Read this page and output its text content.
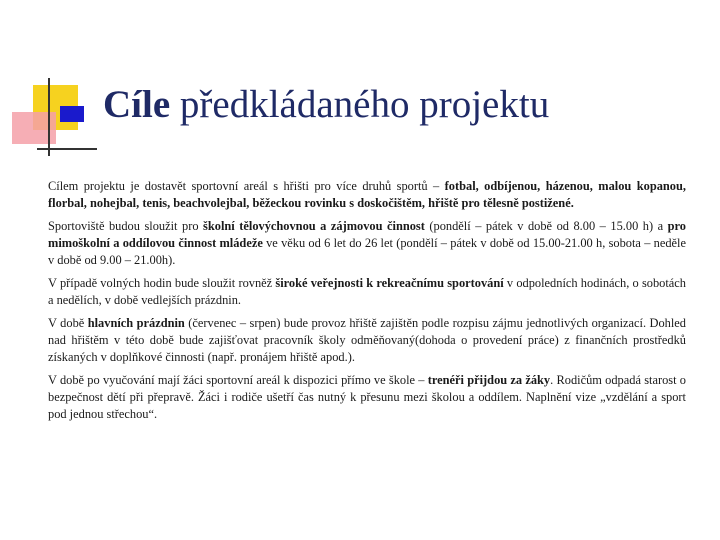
Cíle předkládaného projektu

Cílem projektu je dostavět sportovní areál s hřišti pro více druhů sportů – fotbal, odbíjenou, házenou, malou kopanou, florbal, nohejbal, tenis, beachvolejbal, běžeckou rovinku s doskočištěm, hřiště pro tělesně postižené.

Sportoviště budou sloužit pro školní tělovýchovnou a zájmovou činnost (pondělí – pátek v době od 8.00 – 15.00 h) a pro mimoškolní a oddílovou činnost mládeže ve věku od 6 let do 26 let (pondělí – pátek v době od 15.00-21.00 h, sobota – neděle v době od 9.00 – 21.00h).

V případě volných hodin bude sloužit rovněž široké veřejnosti k rekreačnímu sportování v odpoledních hodinách, o sobotách a nedělích, v době vedlejších prázdnin.

V době hlavních prázdnin (červenec – srpen) bude provoz hřiště zajištěn podle rozpisu zájmu jednotlivých organizací. Dohled nad hřištěm v této době bude zajišťovat pracovník školy odměňovaný(dohoda o provedení práce) z finančních prostředků získaných v doplňkové činnosti (např. pronájem hřiště apod.).

V době po vyučování mají žáci sportovní areál k dispozici přímo ve škole – trenéři přijdou za žáky. Rodičům odpadá starost o bezpečnost dětí při přepravě. Žáci i rodiče ušetří čas nutný k přesunu mezi školou a oddílem. Naplnění vize „vzdělání a sport pod jednou střechou“.
